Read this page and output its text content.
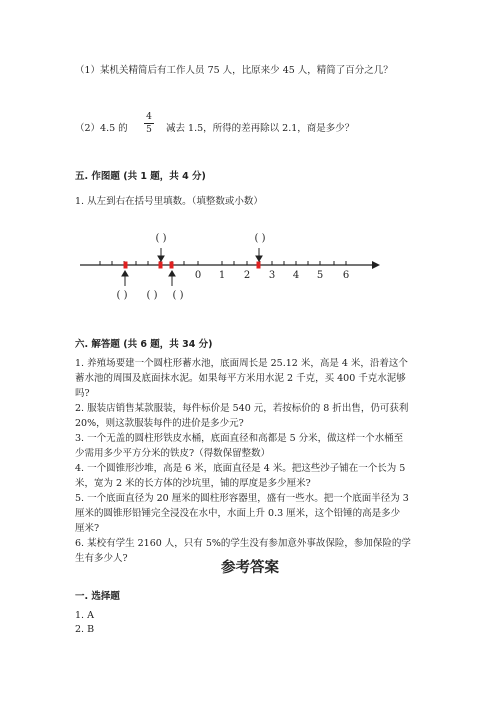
（1）某机关精简后有工作人员 75 人，比原来少 45 人，精简了百分之几？
（2）4.5 的
4
5 减去 1.5，所得的差再除以 2.1，商是多少？
五. 作图题 (共 1 题，共 4 分)
1. 从左到右在括号里填数。（填整数或小数）
0 1 2 3 4 5 6
( )	( )
( ) ( ) ( )
六. 解答题 (共 6 题，共 34 分)
1. 养殖场要建一个圆柱形蓄水池，底面周长是 25.12 米，高是 4 米，沿着这个
蓄水池的周围及底面抹水泥。如果每平方米用水泥 2 千克，买 400 千克水泥够
吗?
2. 服装店销售某款服装，每件标价是 540 元，若按标价的 8 折出售，仍可获利
20%，则这款服装每件的进价是多少元?
3. 一个无盖的圆柱形铁皮水桶，底面直径和高都是 5 分米，做这样一个水桶至
少需用多少平方分米的铁皮?（得数保留整数）
4. 一个圆锥形沙堆，高是 6 米，底面直径是 4 米。把这些沙子铺在一个长为 5
米，宽为 2 米的长方体的沙坑里，铺的厚度是多少厘米?
5. 一个底面直径为 20 厘米的圆柱形容器里，盛有一些水。把一个底面半径为 3
厘米的圆锥形铅锤完全浸没在水中，水面上升 0.3 厘米，这个铅锤的高是多少
厘米?
6. 某校有学生 2160 人，只有 5%的学生没有参加意外事故保险，参加保险的学
生有多少人?
参考答案
一. 选择题
1. A
2. B
